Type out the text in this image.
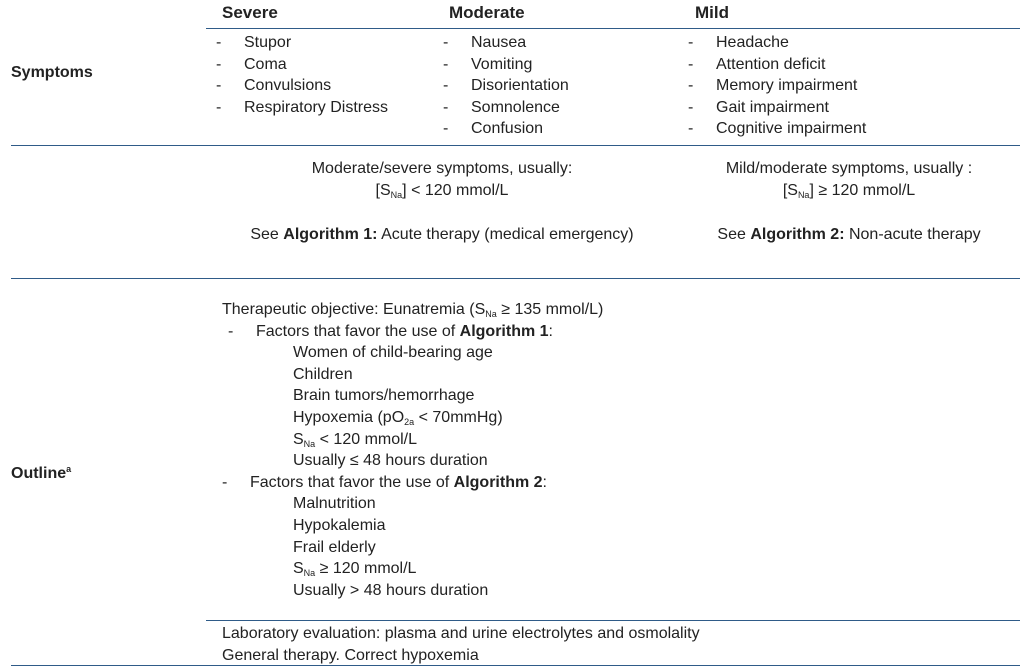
Severe	Moderate	Mild
Symptoms
- Stupor
- Coma
- Convulsions
- Respiratory Distress
- Nausea
- Vomiting
- Disorientation
- Somnolence
- Confusion
- Headache
- Attention deficit
- Memory impairment
- Gait impairment
- Cognitive impairment
Moderate/severe symptoms, usually:
$[S_{Na}] < 120$ mmol/L
See Algorithm 1: Acute therapy (medical emergency)
Mild/moderate symptoms, usually :
$[S_{Na}] \ge 120$ mmol/L
See Algorithm 2: Non-acute therapy
Outline$^a$
Therapeutic objective: Eunatremia ($S_{Na} \ge 135$ mmol/L)
- Factors that favor the use of Algorithm 1:
Women of child-bearing age
Children
Brain tumors/hemorrhage
Hypoxemia ($pO_{2a}$ < 70mmHg)
$S_{Na} < 120$ mmol/L
Usually ≤ 48 hours duration
- Factors that favor the use of Algorithm 2:
Malnutrition
Hypokalemia
Frail elderly
$S_{Na} \ge 120$ mmol/L
Usually > 48 hours duration
Laboratory evaluation: plasma and urine electrolytes and osmolality
General therapy. Correct hypoxemia
